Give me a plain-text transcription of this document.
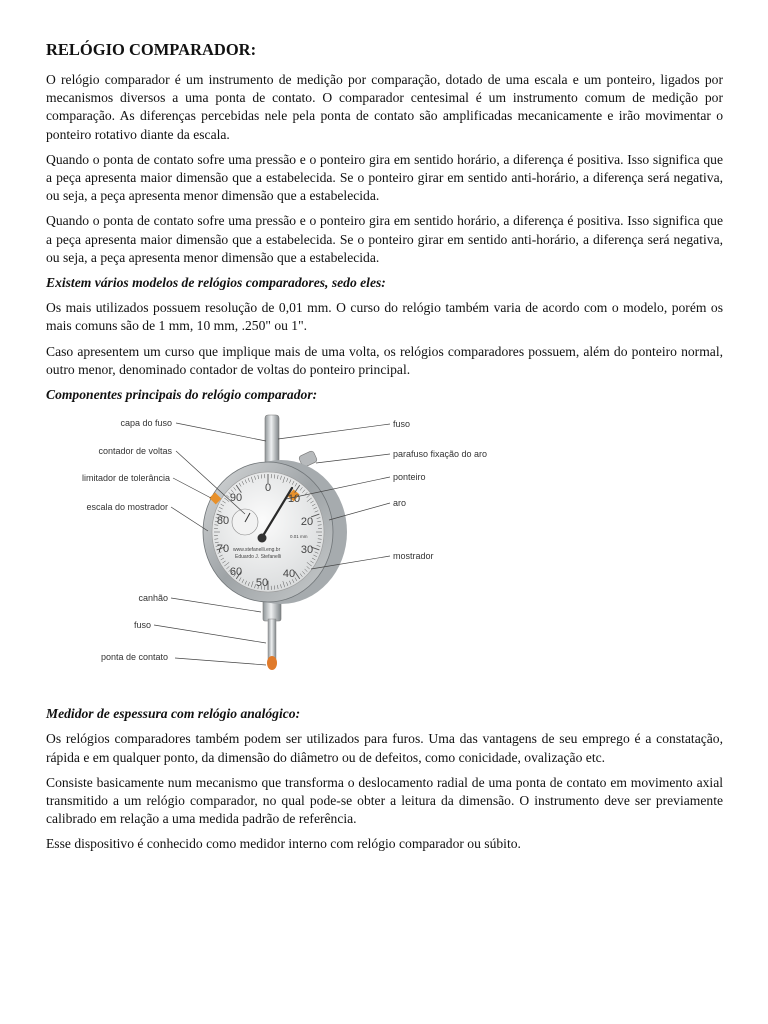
RELÓGIO COMPARADOR:

O relógio comparador é um instrumento de medição por comparação, dotado de uma escala e um ponteiro, ligados por mecanismos diversos a uma ponta de contato. O comparador centesimal é um instrumento comum de medição por comparação. As diferenças percebidas nele pela ponta de contato são amplificadas mecanicamente e irão movimentar o ponteiro rotativo diante da escala.

Quando o ponta de contato sofre uma pressão e o ponteiro gira em sentido horário, a diferença é positiva. Isso significa que a peça apresenta maior dimensão que a estabelecida. Se o ponteiro girar em sentido anti-horário, a diferença será negativa, ou seja, a peça apresenta menor dimensão que a estabelecida.

Quando o ponta de contato sofre uma pressão e o ponteiro gira em sentido horário, a diferença é positiva. Isso significa que a peça apresenta maior dimensão que a estabelecida. Se o ponteiro girar em sentido anti-horário, a diferença será negativa, ou seja, a peça apresenta menor dimensão que a estabelecida.

Existem vários modelos de relógios comparadores, sedo eles:

Os mais utilizados possuem resolução de 0,01 mm. O curso do relógio também varia de acordo com o modelo, porém os mais comuns são de 1 mm, 10 mm, .250" ou 1".

Caso apresentem um curso que implique mais de uma volta, os relógios comparadores possuem, além do ponteiro normal, outro menor, denominado contador de voltas do ponteiro principal.

Componentes principais do relógio comparador:

0
10
20
30
40
50
60
70
80
90
0.01 mm
www.stefanelli.eng.br
Eduardo J. Stefanelli
capa do fuso
contador de voltas
limitador de tolerância
escala do mostrador
canhão
fuso
ponta de contato
fuso
parafuso fixação do aro
ponteiro
aro
mostrador

Medidor de espessura com relógio analógico:

Os relógios comparadores também podem ser utilizados para furos. Uma das vantagens de seu emprego é a constatação, rápida e em qualquer ponto, da dimensão do diâmetro ou de defeitos, como conicidade, ovalização etc.

Consiste basicamente num mecanismo que transforma o deslocamento radial de uma ponta de contato em movimento axial transmitido a um relógio comparador, no qual pode-se obter a leitura da dimensão. O instrumento deve ser previamente calibrado em relação a uma medida padrão de referência.

Esse dispositivo é conhecido como medidor interno com relógio comparador ou súbito.
